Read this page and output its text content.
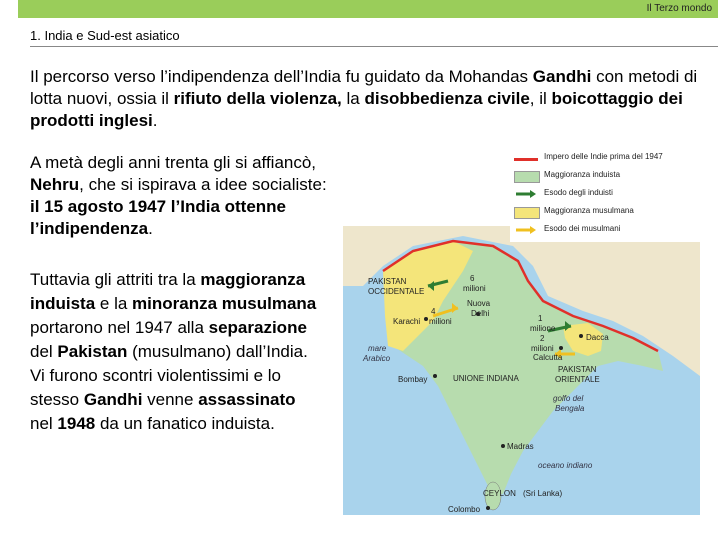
Il Terzo mondo
1. India e Sud-est asiatico

Il percorso verso l’indipendenza dell’India fu guidato da Mohandas Gandhi con metodi di lotta nuovi, ossia il rifiuto della violenza, la disobbedienza civile, il boicottaggio dei prodotti inglesi.

A metà degli anni trenta gli si affiancò, Nehru, che si ispirava a idee socialiste: il 15 agosto 1947 l’India ottenne l’indipendenza.

Tuttavia gli attriti tra la maggioranza induista e la minoranza musulmana portarono nel 1947 alla separazione del Pakistan (musulmano) dall’India. Vi furono scontri violentissimi e lo stesso Gandhi venne assassinato nel 1948 da un fanatico induista.

PAKISTAN
OCCIDENTALE
6
milioni
Nuova
Delhi
4
milioni
Karachi
mare
Arabico
1
milione
2
milioni
Calcutta
Dacca
Bombay	UNIONE INDIANA
PAKISTAN
ORIENTALE
golfo del
Bengala
Madras
oceano indiano
CEYLON (Sri Lanka)
Colombo
Impero delle Indie prima del 1947
Maggioranza induista
Esodo degli induisti
Maggioranza musulmana
Esodo dei musulmani
